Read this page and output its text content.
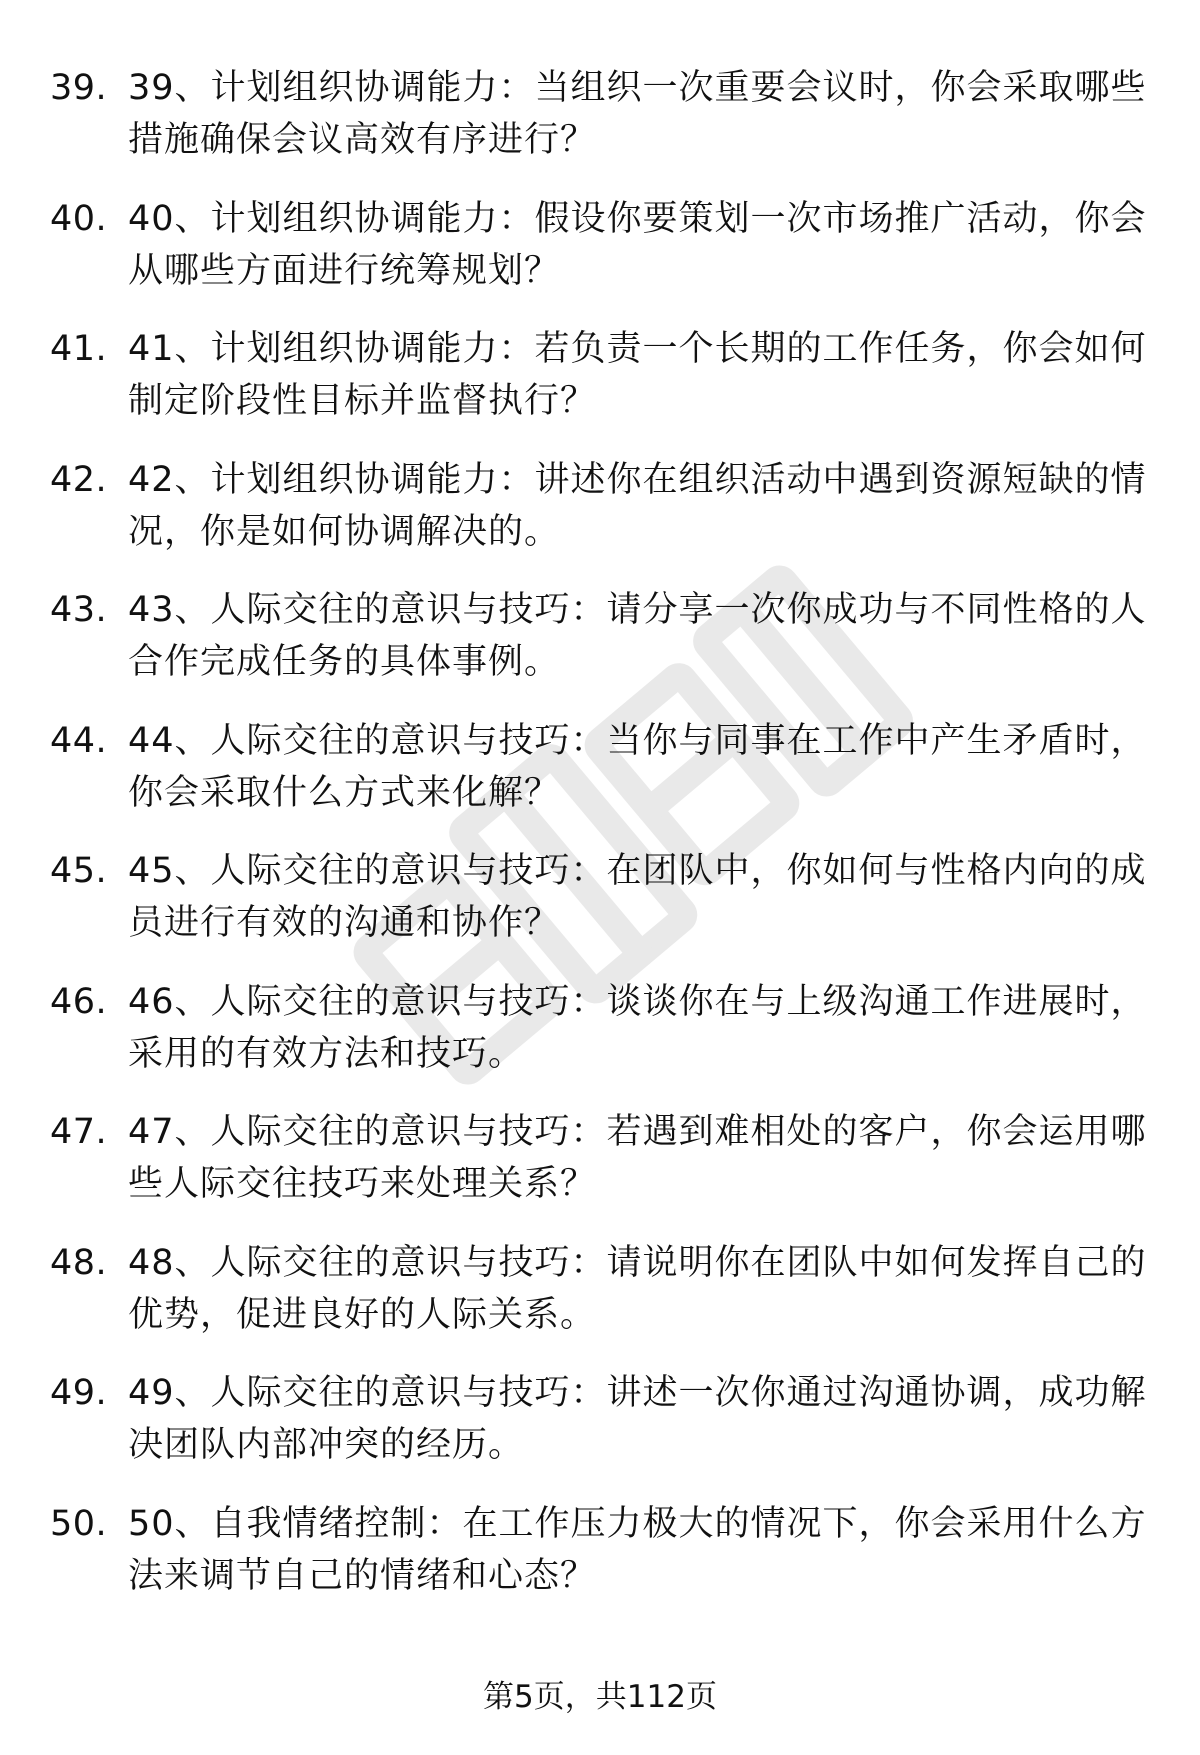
39. 39、计划组织协调能力：当组织一次重要会议时，你会采取哪些措施确保会议高效有序进行？
40. 40、计划组织协调能力：假设你要策划一次市场推广活动，你会从哪些方面进行统筹规划？
41. 41、计划组织协调能力：若负责一个长期的工作任务，你会如何制定阶段性目标并监督执行？
42. 42、计划组织协调能力：讲述你在组织活动中遇到资源短缺的情况，你是如何协调解决的。
43. 43、人际交往的意识与技巧：请分享一次你成功与不同性格的人合作完成任务的具体事例。
44. 44、人际交往的意识与技巧：当你与同事在工作中产生矛盾时，你会采取什么方式来化解？
45. 45、人际交往的意识与技巧：在团队中，你如何与性格内向的成员进行有效的沟通和协作？
46. 46、人际交往的意识与技巧：谈谈你在与上级沟通工作进展时，采用的有效方法和技巧。
47. 47、人际交往的意识与技巧：若遇到难相处的客户，你会运用哪些人际交往技巧来处理关系？
48. 48、人际交往的意识与技巧：请说明你在团队中如何发挥自己的优势，促进良好的人际关系。
49. 49、人际交往的意识与技巧：讲述一次你通过沟通协调，成功解决团队内部冲突的经历。
50. 50、自我情绪控制：在工作压力极大的情况下，你会采用什么方法来调节自己的情绪和心态？
第5页，共112页
